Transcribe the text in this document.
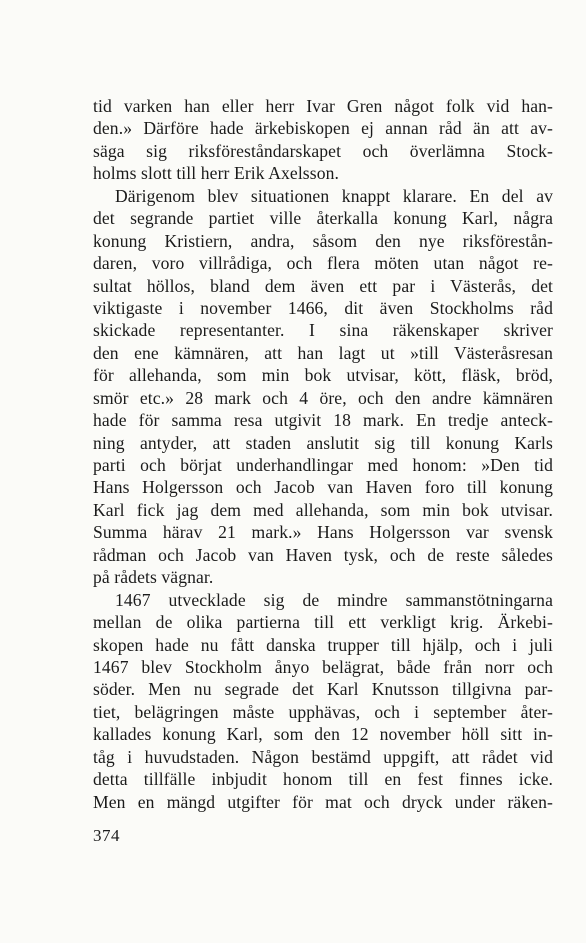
tid varken han eller herr Ivar Gren något folk vid han-
den.» Därföre hade ärkebiskopen ej annan råd än att av-
säga sig riksföreståndarskapet och överlämna Stock-
holms slott till herr Erik Axelsson.
Därigenom blev situationen knappt klarare. En del av
det segrande partiet ville återkalla konung Karl, några
konung Kristiern, andra, såsom den nye riksförestån-
daren, voro villrådiga, och flera möten utan något re-
sultat höllos, bland dem även ett par i Västerås, det
viktigaste i november 1466, dit även Stockholms råd
skickade representanter. I sina räkenskaper skriver
den ene kämnären, att han lagt ut »till Västeråsresan
för allehanda, som min bok utvisar, kött, fläsk, bröd,
smör etc.» 28 mark och 4 öre, och den andre kämnären
hade för samma resa utgivit 18 mark. En tredje anteck-
ning antyder, att staden anslutit sig till konung Karls
parti och börjat underhandlingar med honom: »Den tid
Hans Holgersson och Jacob van Haven foro till konung
Karl fick jag dem med allehanda, som min bok utvisar.
Summa härav 21 mark.» Hans Holgersson var svensk
rådman och Jacob van Haven tysk, och de reste således
på rådets vägnar.
1467 utvecklade sig de mindre sammanstötningarna
mellan de olika partierna till ett verkligt krig. Ärkebi-
skopen hade nu fått danska trupper till hjälp, och i juli
1467 blev Stockholm ånyo belägrat, både från norr och
söder. Men nu segrade det Karl Knutsson tillgivna par-
tiet, belägringen måste upphävas, och i september åter-
kallades konung Karl, som den 12 november höll sitt in-
tåg i huvudstaden. Någon bestämd uppgift, att rådet vid
detta tillfälle inbjudit honom till en fest finnes icke.
Men en mängd utgifter för mat och dryck under räken-
374
